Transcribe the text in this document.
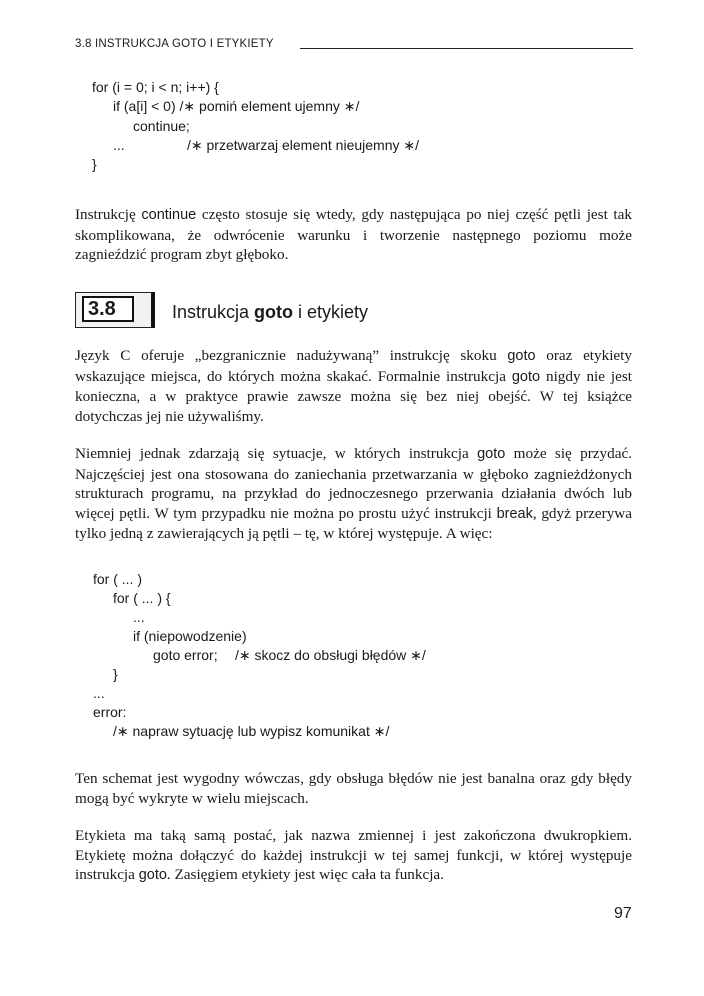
3.8 INSTRUKCJA GOTO I ETYKIETY
for (i = 0; i < n; i++) {
if (a[i] < 0) /∗ pomiń element ujemny ∗/
continue;
...	/∗ przetwarzaj element nieujemny ∗/
}
Instrukcję continue często stosuje się wtedy, gdy następująca po niej część pętli jest tak skomplikowana, że odwrócenie warunku i tworzenie następnego poziomu może zagnieździć program zbyt głęboko.
3.8	Instrukcja goto i etykiety
Język C oferuje „bezgranicznie nadużywaną” instrukcję skoku goto oraz etykiety wskazujące miejsca, do których można skakać. Formalnie instrukcja goto nigdy nie jest konieczna, a w praktyce prawie zawsze można się bez niej obejść. W tej książce dotychczas jej nie używaliśmy.
Niemniej jednak zdarzają się sytuacje, w których instrukcja goto może się przydać. Najczęściej jest ona stosowana do zaniechania przetwarzania w głęboko zagnieżdżonych strukturach programu, na przykład do jednoczesnego przerwania działania dwóch lub więcej pętli. W tym przypadku nie można po prostu użyć instrukcji break, gdyż przerywa tylko jedną z zawierających ją pętli – tę, w której występuje. A więc:
for ( ... )
for ( ... ) {
...
if (niepowodzenie)
goto error; /∗ skocz do obsługi błędów ∗/
}
...
error:
/∗ napraw sytuację lub wypisz komunikat ∗/
Ten schemat jest wygodny wówczas, gdy obsługa błędów nie jest banalna oraz gdy błędy mogą być wykryte w wielu miejscach.
Etykieta ma taką samą postać, jak nazwa zmiennej i jest zakończona dwukropkiem. Etykietę można dołączyć do każdej instrukcji w tej samej funkcji, w której występuje instrukcja goto. Zasięgiem etykiety jest więc cała ta funkcja.
97
